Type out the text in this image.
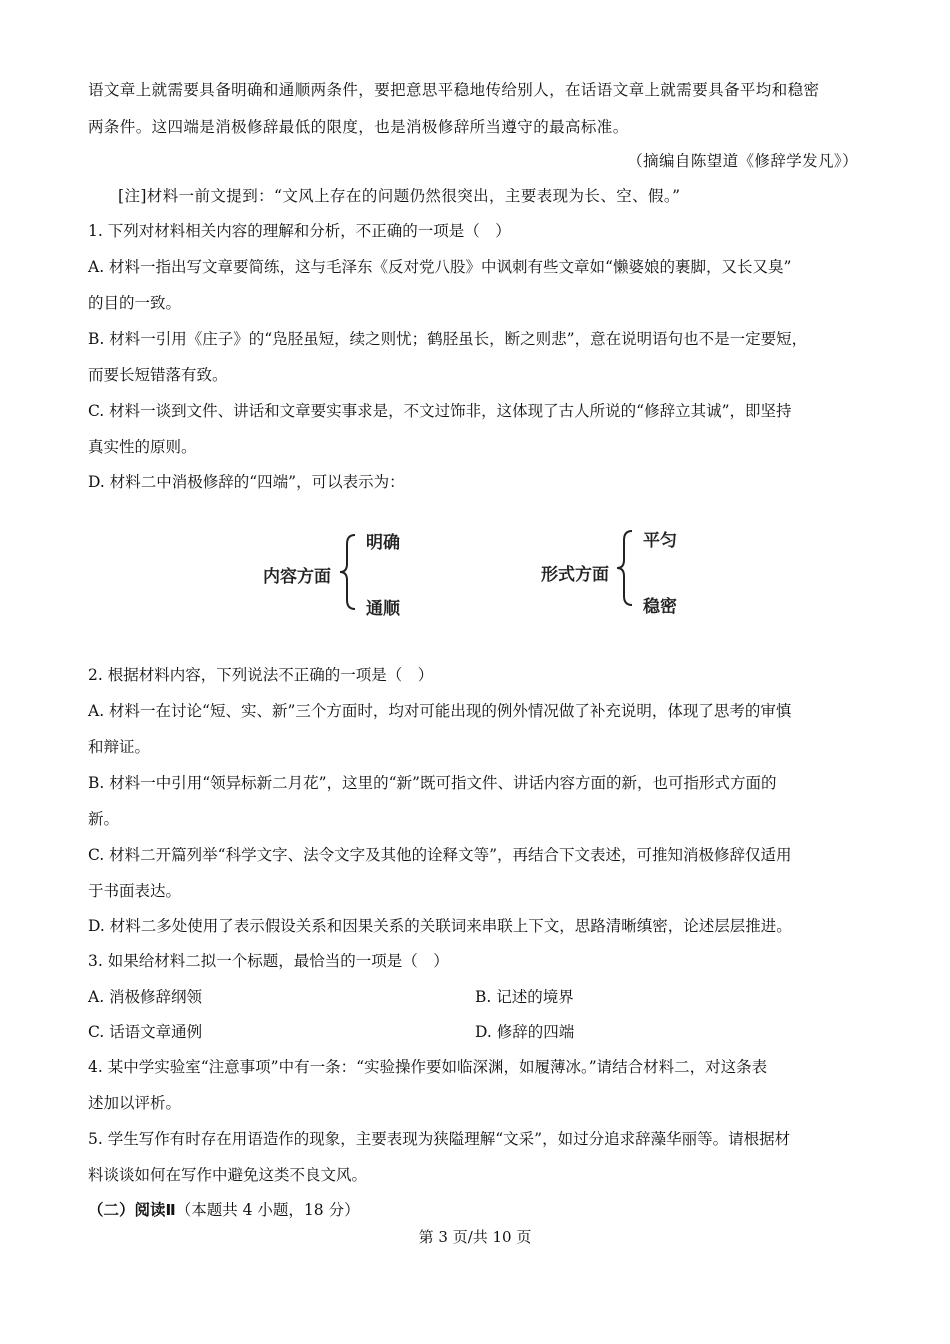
语文章上就需要具备明确和通顺两条件，要把意思平稳地传给别人，在话语文章上就需要具备平均和稳密
两条件。这四端是消极修辞最低的限度，也是消极修辞所当遵守的最高标准。
（摘编自陈望道《修辞学发凡》）
[注]材料一前文提到：“文风上存在的问题仍然很突出，主要表现为长、空、假。”
1. 下列对材料相关内容的理解和分析，不正确的一项是（　）
A. 材料一指出写文章要简练，这与毛泽东《反对党八股》中讽刺有些文章如“懒婆娘的裹脚，又长又臭”
的目的一致。
B. 材料一引用《庄子》的“凫胫虽短，续之则忧；鹤胫虽长，断之则悲”，意在说明语句也不是一定要短，
而要长短错落有致。
C. 材料一谈到文件、讲话和文章要实事求是，不文过饰非，这体现了古人所说的“修辞立其诚”，即坚持
真实性的原则。
D. 材料二中消极修辞的“四端”，可以表示为：
内容方面
明确
通顺
形式方面
平匀
稳密
2. 根据材料内容，下列说法不正确的一项是（　）
A. 材料一在讨论“短、实、新”三个方面时，均对可能出现的例外情况做了补充说明，体现了思考的审慎
和辩证。
B. 材料一中引用“领异标新二月花”，这里的“新”既可指文件、讲话内容方面的新，也可指形式方面的
新。
C. 材料二开篇列举“科学文字、法令文字及其他的诠释文等”，再结合下文表述，可推知消极修辞仅适用
于书面表达。
D. 材料二多处使用了表示假设关系和因果关系的关联词来串联上下文，思路清晰缜密，论述层层推进。
3. 如果给材料二拟一个标题，最恰当的一项是（　）
A. 消极修辞纲领	B. 记述的境界
C. 话语文章通例	D. 修辞的四端
4. 某中学实验室“注意事项”中有一条：“实验操作要如临深渊，如履薄冰。”请结合材料二，对这条表
述加以评析。
5. 学生写作有时存在用语造作的现象，主要表现为狭隘理解“文采”，如过分追求辞藻华丽等。请根据材
料谈谈如何在写作中避免这类不良文风。
（二）阅读Ⅱ（本题共 4 小题，18 分）
第 3 页/共 10 页
